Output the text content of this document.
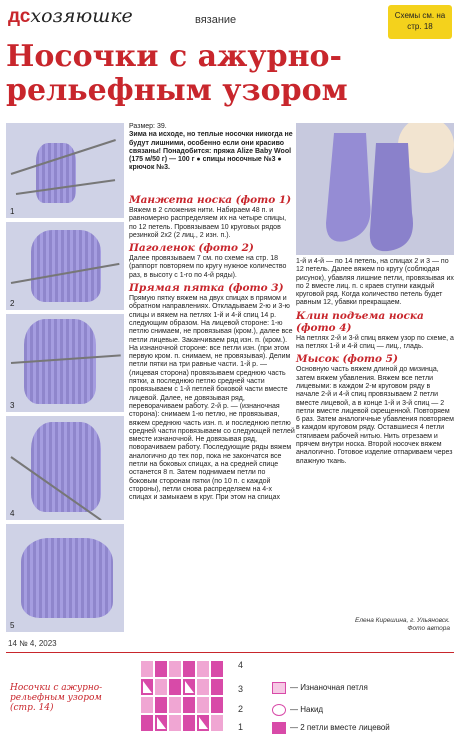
дсхозяюшке	вязание	Схемы см. на стр. 18
Носочки с ажурно-
рельефным узором
1
2
3
4
5
Размер: 39.
Зима на исходе, но теплые носочки никогда не будут лишними, особенно если они красиво связаны! Понадобится: пряжа Alize Baby Wool (175 м/50 г) — 100 г ● спицы носочные №3 ● крючок №3.
Манжета носка (фото 1)
Вяжем в 2 сложения нити. Набираем 48 п. и равномерно распределяем их на четыре спицы, по 12 петель. Провязываем 10 круговых рядов резинкой 2х2 (2 лиц., 2 изн. п.).
Паголенок (фото 2)
Далее провязываем 7 см. по схеме на стр. 18 (раппорт повторяем по кругу нужное количество раз, в высоту с 1-го по 4-й ряды).
Прямая пятка (фото 3)
Прямую пятку вяжем на двух спицах в прямом и обратном направлениях. Откладываем 2-ю и 3-ю спицы и вяжем на петлях 1-й и 4-й спиц 14 р. следующим образом. На лицевой стороне: 1-ю петлю снимаем, не провязывая (кром.), далее все петли лицевые. Заканчиваем ряд изн. п. (кром.). На изнаночной стороне: все петли изн. (при этом первую кром. п. снимаем, не провязывая). Делим петли пятки на три равные части. 1-й р. — (лицевая сторона) провязываем среднюю часть пятки, а последнюю петлю средней части провязываем с 1-й петлей боковой части вместе лицевой. Далее, не довязывая ряд, переворачиваем работу. 2-й р. — (изнаночная сторона): снимаем 1-ю петлю, не провязывая, вяжем среднюю часть изн. п. и последнюю петлю средней части провязываем со следующей петлей вместе изнаночной. Не довязывая ряд, поворачиваем работу. Последующие ряды вяжем аналогично до тех пор, пока не закончатся все петли на боковых спицах, а на средней спице останется 8 п. Затем поднимаем петли по боковым сторонам пятки (по 10 п. с каждой стороны), петли снова распределяем на 4-х спицах и замыкаем в круг. При этом на спицах
1-й и 4-й — по 14 петель, на спицах 2 и 3 — по 12 петель. Далее вяжем по кругу (соблюдая рисунок), убавляя лишние петли, провязывая их по 2 вместе лиц. п. с краев ступни каждый круговой ряд. Когда количество петель будет равным 12, убавки прекращаем.
Клин подъема носка (фото 4)
На петлях 2-й и 3-й спиц вяжем узор по схеме, а на петлях 1-й и 4-й спиц — лиц., гладь.
Мысок (фото 5)
Основную часть вяжем длиной до мизинца, затем вяжем убавления. Вяжем все петли лицевыми: в каждом 2-м круговом ряду в начале 2-й и 4-й спиц провязываем 2 петли вместе лицевой, а в конце 1-й и 3-й спиц — 2 петли вместе лицевой скрещенной. Повторяем 6 раз. Затем аналогичные убавления повторяем в каждом круговом ряду. Оставшиеся 4 петли стягиваем рабочей нитью. Нить отрезаем и прячем внутри носка. Второй носочек вяжем аналогично. Готовое изделие отпариваем через влажную ткань.
Елена Кирешина, г. Ульяновск.
Фото автора
14 № 4, 2023
Носочки с ажурно-рельефным узором (стр. 14)
4
3
2
1
— Изнаночная петля
— Накид
— 2 петли вместе лицевой
